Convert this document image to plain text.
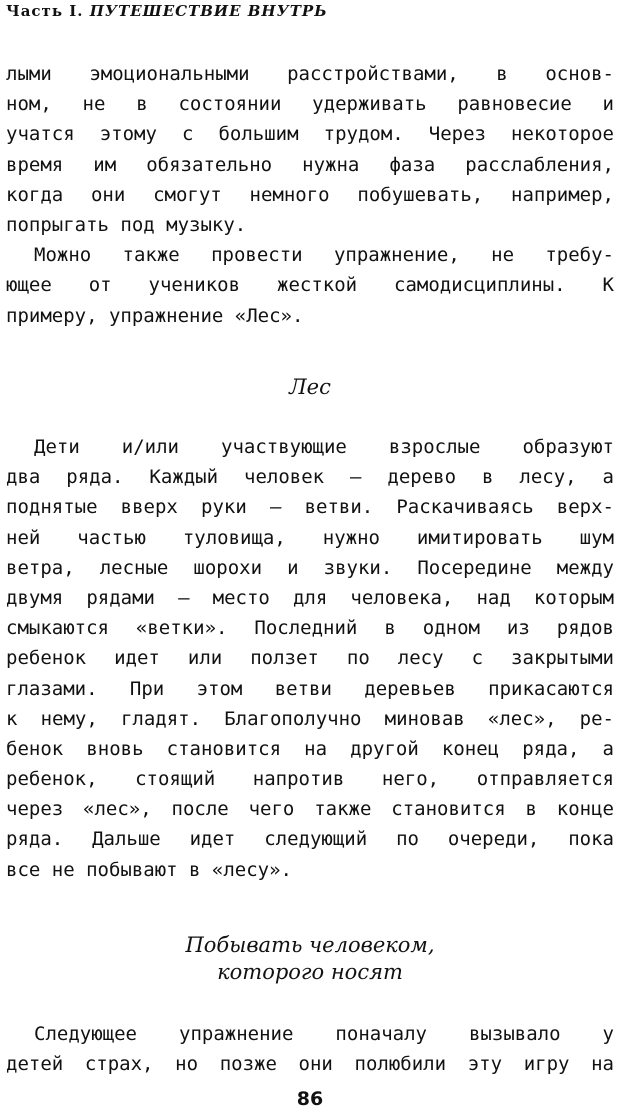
Часть I. ПУТЕШЕСТВИЕ ВНУТРЬ
лыми эмоциональными расстройствами, в основ-
ном, не в состоянии удерживать равновесие и
учатся этому с большим трудом. Через некоторое
время им обязательно нужна фаза расслабления,
когда они смогут немного побушевать, например,
попрыгать под музыку.
Можно также провести упражнение, не требу-
ющее от учеников жесткой самодисциплины. К
примеру, упражнение «Лес».
Лес
Дети и/или участвующие взрослые образуют
два ряда. Каждый человек — дерево в лесу, а
поднятые вверх руки — ветви. Раскачиваясь верх-
ней частью туловища, нужно имитировать шум
ветра, лесные шорохи и звуки. Посередине между
двумя рядами — место для человека, над которым
смыкаются «ветки». Последний в одном из рядов
ребенок идет или ползет по лесу с закрытыми
глазами. При этом ветви деревьев прикасаются
к нему, гладят. Благополучно миновав «лес», ре-
бенок вновь становится на другой конец ряда, а
ребенок, стоящий напротив него, отправляется
через «лес», после чего также становится в конце
ряда. Дальше идет следующий по очереди, пока
все не побывают в «лесу».
Побывать человеком,
которого носят
Следующее упражнение поначалу вызывало у
детей страх, но позже они полюбили эту игру на
86
